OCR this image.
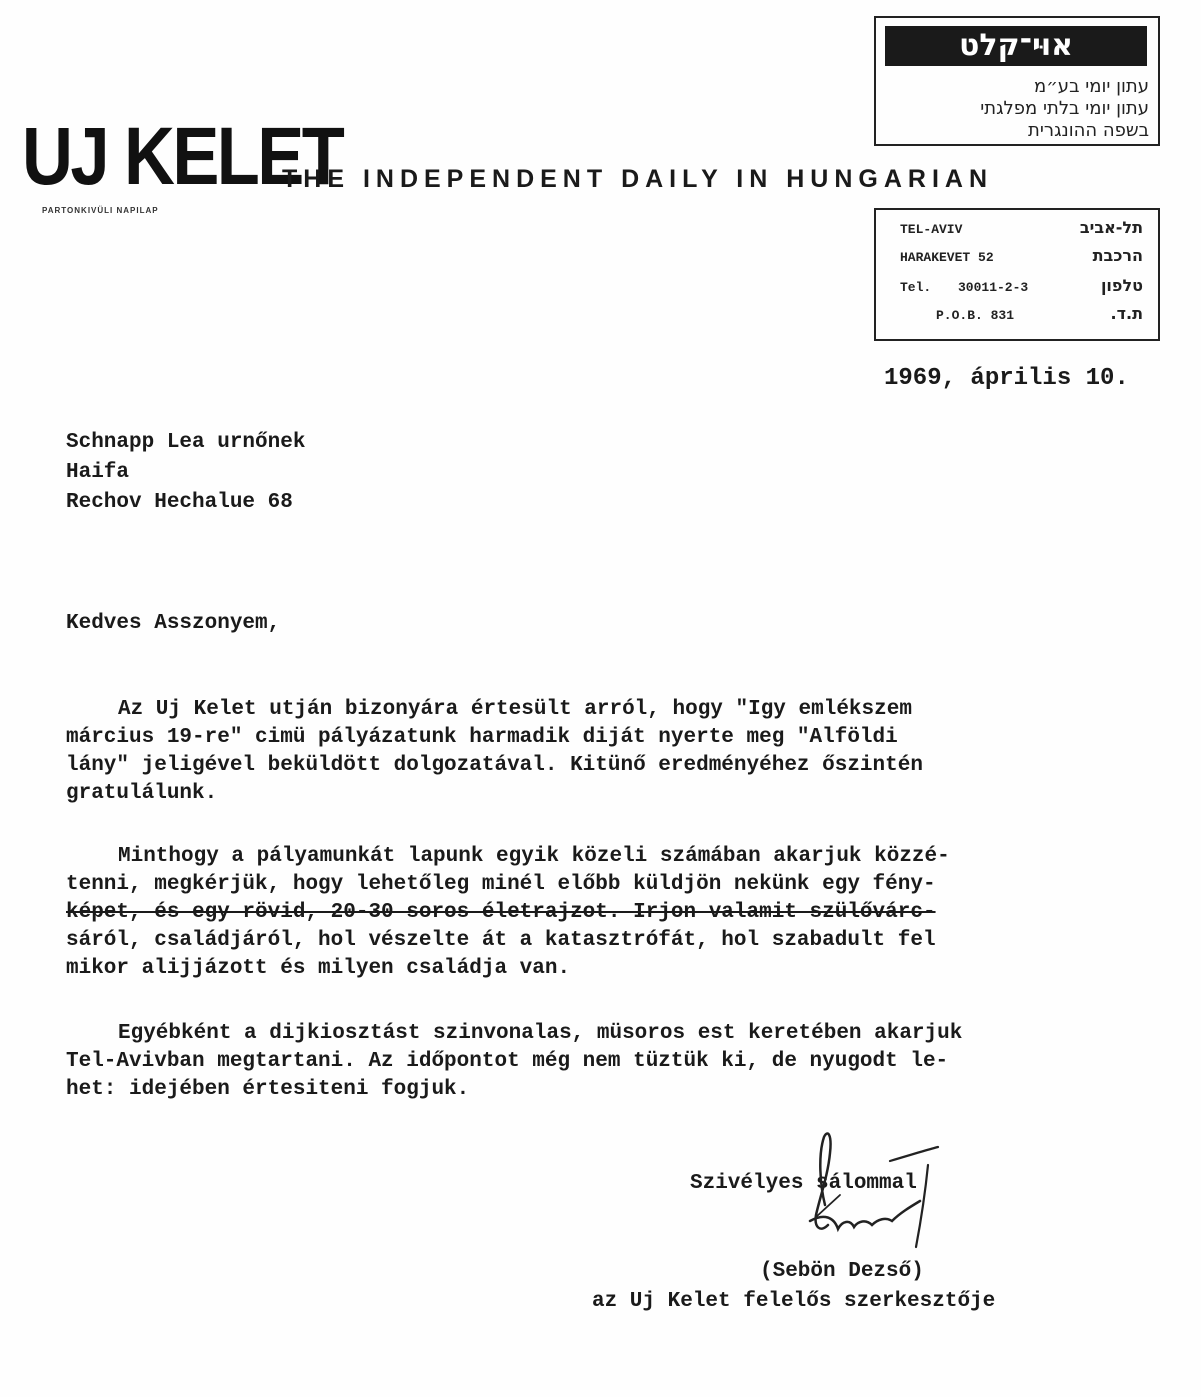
UJ KELET
PARTONKIVÜLI NAPILAP
THE INDEPENDENT DAILY IN HUNGARIAN
אוּי־קלט
עתון יומי בע״מ
עתון יומי בלתי מפלגתי
בשפה ההונגרית
TEL-AVIV	תל-אביב
HARAKEVET 52	הרכבת
Tel. 30011-2-3	טלפון
P.O.B. 831	ת.ד.
1969, április 10.
Schnapp Lea urnőnek
Haifa
Rechov Hechalue 68
Kedves Asszonyem,
Az Uj Kelet utján bizonyára értesült arról, hogy "Igy emlékszem
március 19-re" cimü pályázatunk harmadik diját nyerte meg "Alföldi
lány" jeligével beküldött dolgozatával. Kitünő eredményéhez őszintén
gratulálunk.
Minthogy a pályamunkát lapunk egyik közeli számában akarjuk közzé-
tenni, megkérjük, hogy lehetőleg minél előbb küldjön nekünk egy fény-
képet, és egy rövid, 20-30 soros életrajzot. Irjon valamit szülővárc-
sáról, családjáról, hol vészelte át a katasztrófát, hol szabadult fel
mikor alijjázott és milyen családja van.
Egyébként a dijkiosztást szinvonalas, müsoros est keretében akarjuk
Tel-Avivban megtartani. Az időpontot még nem tüztük ki, de nyugodt le-
het: idejében értesiteni fogjuk.
Szivélyes sálommal
(Sebön Dezső)
az Uj Kelet felelős szerkesztője
